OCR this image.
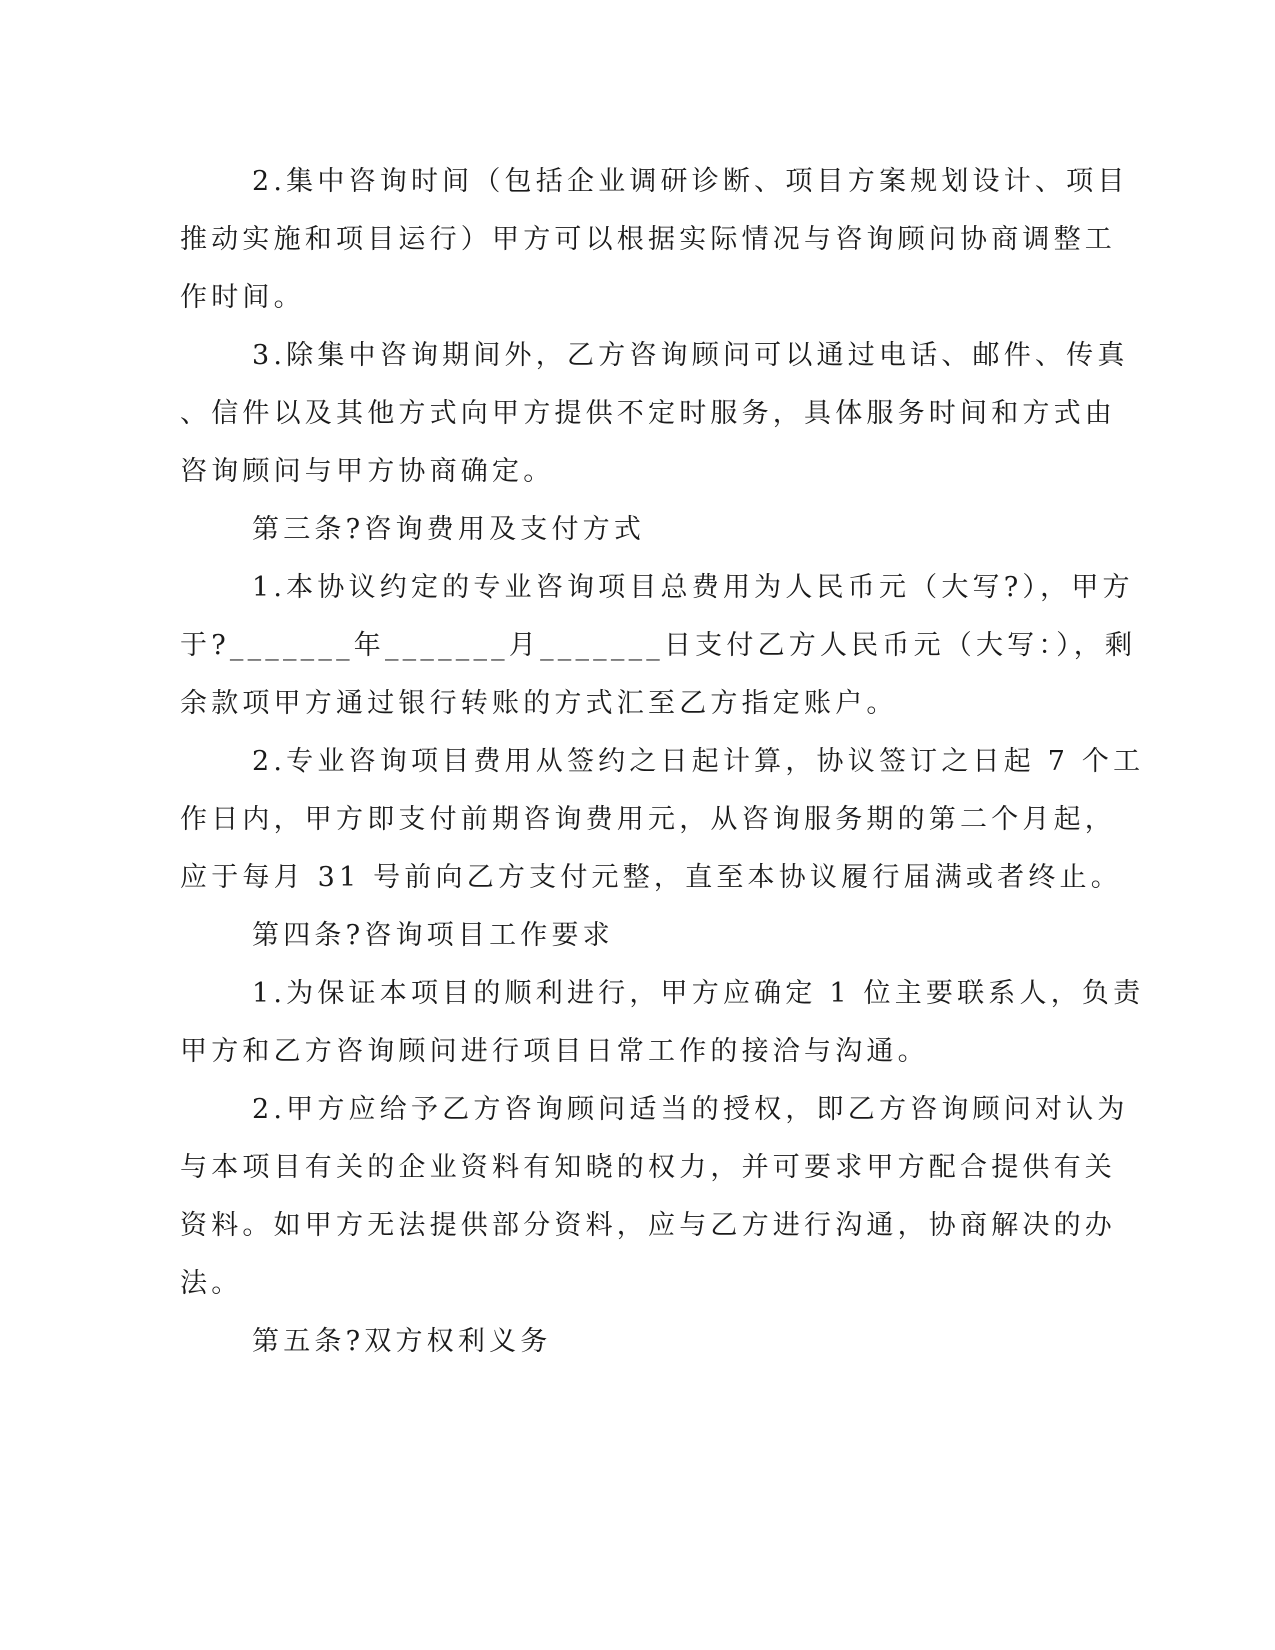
2.集中咨询时间（包括企业调研诊断、项目方案规划设计、项目
推动实施和项目运行）甲方可以根据实际情况与咨询顾问协商调整工
作时间。
3.除集中咨询期间外，乙方咨询顾问可以通过电话、邮件、传真
、信件以及其他方式向甲方提供不定时服务，具体服务时间和方式由
咨询顾问与甲方协商确定。
第三条?咨询费用及支付方式
1.本协议约定的专业咨询项目总费用为人民币元（大写?），甲方
于?_______年_______月_______日支付乙方人民币元（大写：），剩
余款项甲方通过银行转账的方式汇至乙方指定账户。
2.专业咨询项目费用从签约之日起计算，协议签订之日起 7 个工
作日内，甲方即支付前期咨询费用元，从咨询服务期的第二个月起，
应于每月 31 号前向乙方支付元整，直至本协议履行届满或者终止。
第四条?咨询项目工作要求
1.为保证本项目的顺利进行，甲方应确定 1 位主要联系人，负责
甲方和乙方咨询顾问进行项目日常工作的接洽与沟通。
2.甲方应给予乙方咨询顾问适当的授权，即乙方咨询顾问对认为
与本项目有关的企业资料有知晓的权力，并可要求甲方配合提供有关
资料。如甲方无法提供部分资料，应与乙方进行沟通，协商解决的办
法。
第五条?双方权利义务
